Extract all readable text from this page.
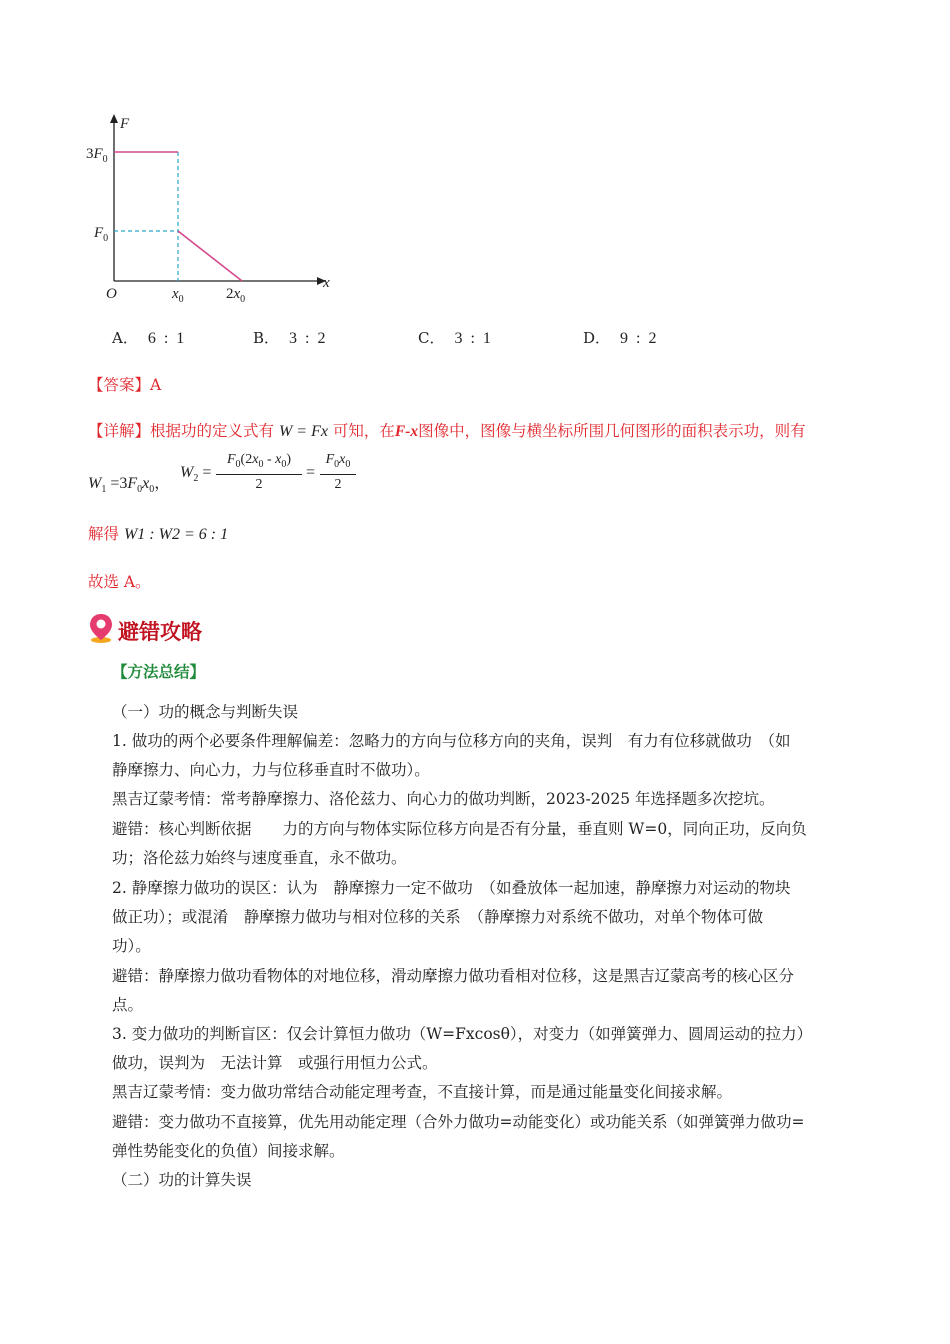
F
x
O
$3F_0$
$F_0$
$x_0$	$2x_0$
A． 6 : 1	B． 3 : 2	C． 3 : 1	D． 9 : 2
【答案】A
【详解】根据功的定义式有 W = Fx 可知，在F-x图像中，图像与横坐标所围几何图形的面积表示功，则有
$W_1 =3F_0x_0$，
$W_2$ =
$F_0(2x_0 - x_0)$
2
=
$F_0x_0$
2
解得 W1 : W2 = 6 : 1
故选 A。
避错攻略
【方法总结】
（一）功的概念与判断失误
1. 做功的两个必要条件理解偏差：忽略力的方向与位移方向的夹角，误判　有力有位移就做功　（如
静摩擦力、向心力，力与位移垂直时不做功）。
黑吉辽蒙考情：常考静摩擦力、洛伦兹力、向心力的做功判断，2023-2025 年选择题多次挖坑。
避错：核心判断依据　　力的方向与物体实际位移方向是否有分量，垂直则 W=0，同向正功，反向负
功；洛伦兹力始终与速度垂直，永不做功。
2. 静摩擦力做功的误区：认为　静摩擦力一定不做功　（如叠放体一起加速，静摩擦力对运动的物块
做正功）；或混淆　静摩擦力做功与相对位移的关系　（静摩擦力对系统不做功，对单个物体可做
功）。
避错：静摩擦力做功看物体的对地位移，滑动摩擦力做功看相对位移，这是黑吉辽蒙高考的核心区分
点。
3. 变力做功的判断盲区：仅会计算恒力做功（W=Fxcosθ），对变力（如弹簧弹力、圆周运动的拉力）
做功，误判为　无法计算　或强行用恒力公式。
黑吉辽蒙考情：变力做功常结合动能定理考查，不直接计算，而是通过能量变化间接求解。
避错：变力做功不直接算，优先用动能定理（合外力做功=动能变化）或功能关系（如弹簧弹力做功=
弹性势能变化的负值）间接求解。
（二）功的计算失误
